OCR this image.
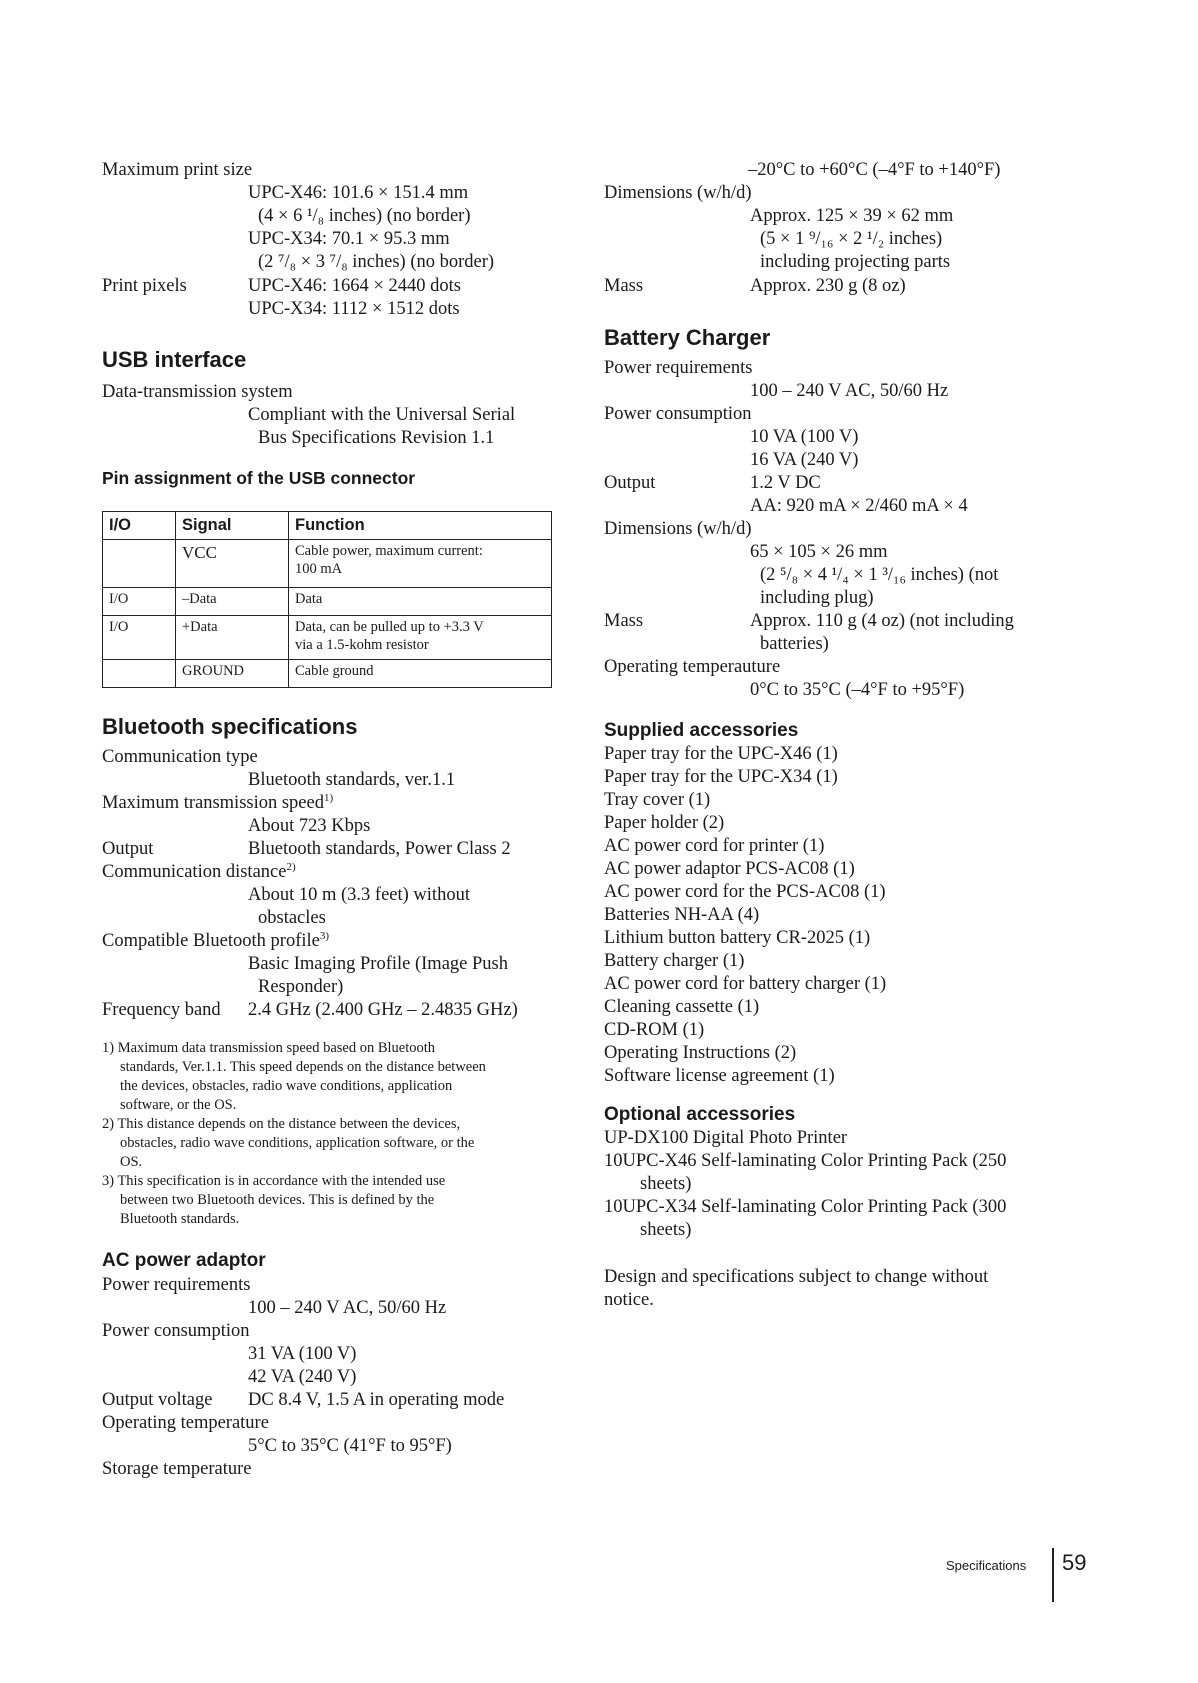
Maximum print size
UPC-X46: 101.6 × 151.4 mm
(4 × 6 ¹/₈ inches) (no border)
UPC-X34: 70.1 × 95.3 mm
(2 ⁷/₈ × 3 ⁷/₈ inches) (no border)
Print pixels	UPC-X46: 1664 × 2440 dots
UPC-X34: 1112 × 1512 dots
USB interface
Data-transmission system
Compliant with the Universal Serial
Bus Specifications Revision 1.1
Pin assignment of the USB connector
I/O	Signal	Function
	VCC	Cable power, maximum current:
100 mA

I/O	–Data	Data
I/O	+Data	Data, can be pulled up to +3.3 V
via a 1.5-kohm resistor

	GROUND	Cable ground
Bluetooth specifications
Communication type
Bluetooth standards, ver.1.1
Maximum transmission speed$^{1)}$
About 723 Kbps
Output	Bluetooth standards, Power Class 2
Communication distance$^{2)}$
About 10 m (3.3 feet) without
obstacles
Compatible Bluetooth profile$^{3)}$
Basic Imaging Profile (Image Push
Responder)
Frequency band 2.4 GHz (2.400 GHz – 2.4835 GHz)
1) Maximum data transmission speed based on Bluetooth
standards, Ver.1.1. This speed depends on the distance between
the devices, obstacles, radio wave conditions, application
software, or the OS.
2) This distance depends on the distance between the devices,
obstacles, radio wave conditions, application software, or the
OS.
3) This specification is in accordance with the intended use
between two Bluetooth devices. This is defined by the
Bluetooth standards.
AC power adaptor
Power requirements
100 – 240 V AC, 50/60 Hz
Power consumption
31 VA (100 V)
42 VA (240 V)
Output voltage DC 8.4 V, 1.5 A in operating mode
Operating temperature
5°C to 35°C (41°F to 95°F)
Storage temperature
–20°C to +60°C (–4°F to +140°F)
Dimensions (w/h/d)
Approx. 125 × 39 × 62 mm
(5 × 1 ⁹/₁₆ × 2 ¹/₂ inches)
including projecting parts
Mass	Approx. 230 g (8 oz)
Battery Charger
Power requirements
100 – 240 V AC, 50/60 Hz
Power consumption
10 VA (100 V)
16 VA (240 V)
Output	1.2 V DC
AA: 920 mA × 2/460 mA × 4
Dimensions (w/h/d)
65 × 105 × 26 mm
(2 ⁵/₈ × 4 ¹/₄ × 1 ³/₁₆ inches) (not
including plug)
Mass	Approx. 110 g (4 oz) (not including
batteries)
Operating temperauture
0°C to 35°C (–4°F to +95°F)
Supplied accessories
Paper tray for the UPC-X46 (1)
Paper tray for the UPC-X34 (1)
Tray cover (1)
Paper holder (2)
AC power cord for printer (1)
AC power adaptor PCS-AC08 (1)
AC power cord for the PCS-AC08 (1)
Batteries NH-AA (4)
Lithium button battery CR-2025 (1)
Battery charger (1)
AC power cord for battery charger (1)
Cleaning cassette (1)
CD-ROM (1)
Operating Instructions (2)
Software license agreement (1)
Optional accessories
UP-DX100 Digital Photo Printer
10UPC-X46 Self-laminating Color Printing Pack (250
sheets)
10UPC-X34 Self-laminating Color Printing Pack (300
sheets)
Design and specifications subject to change without
notice.
Specifications 59
